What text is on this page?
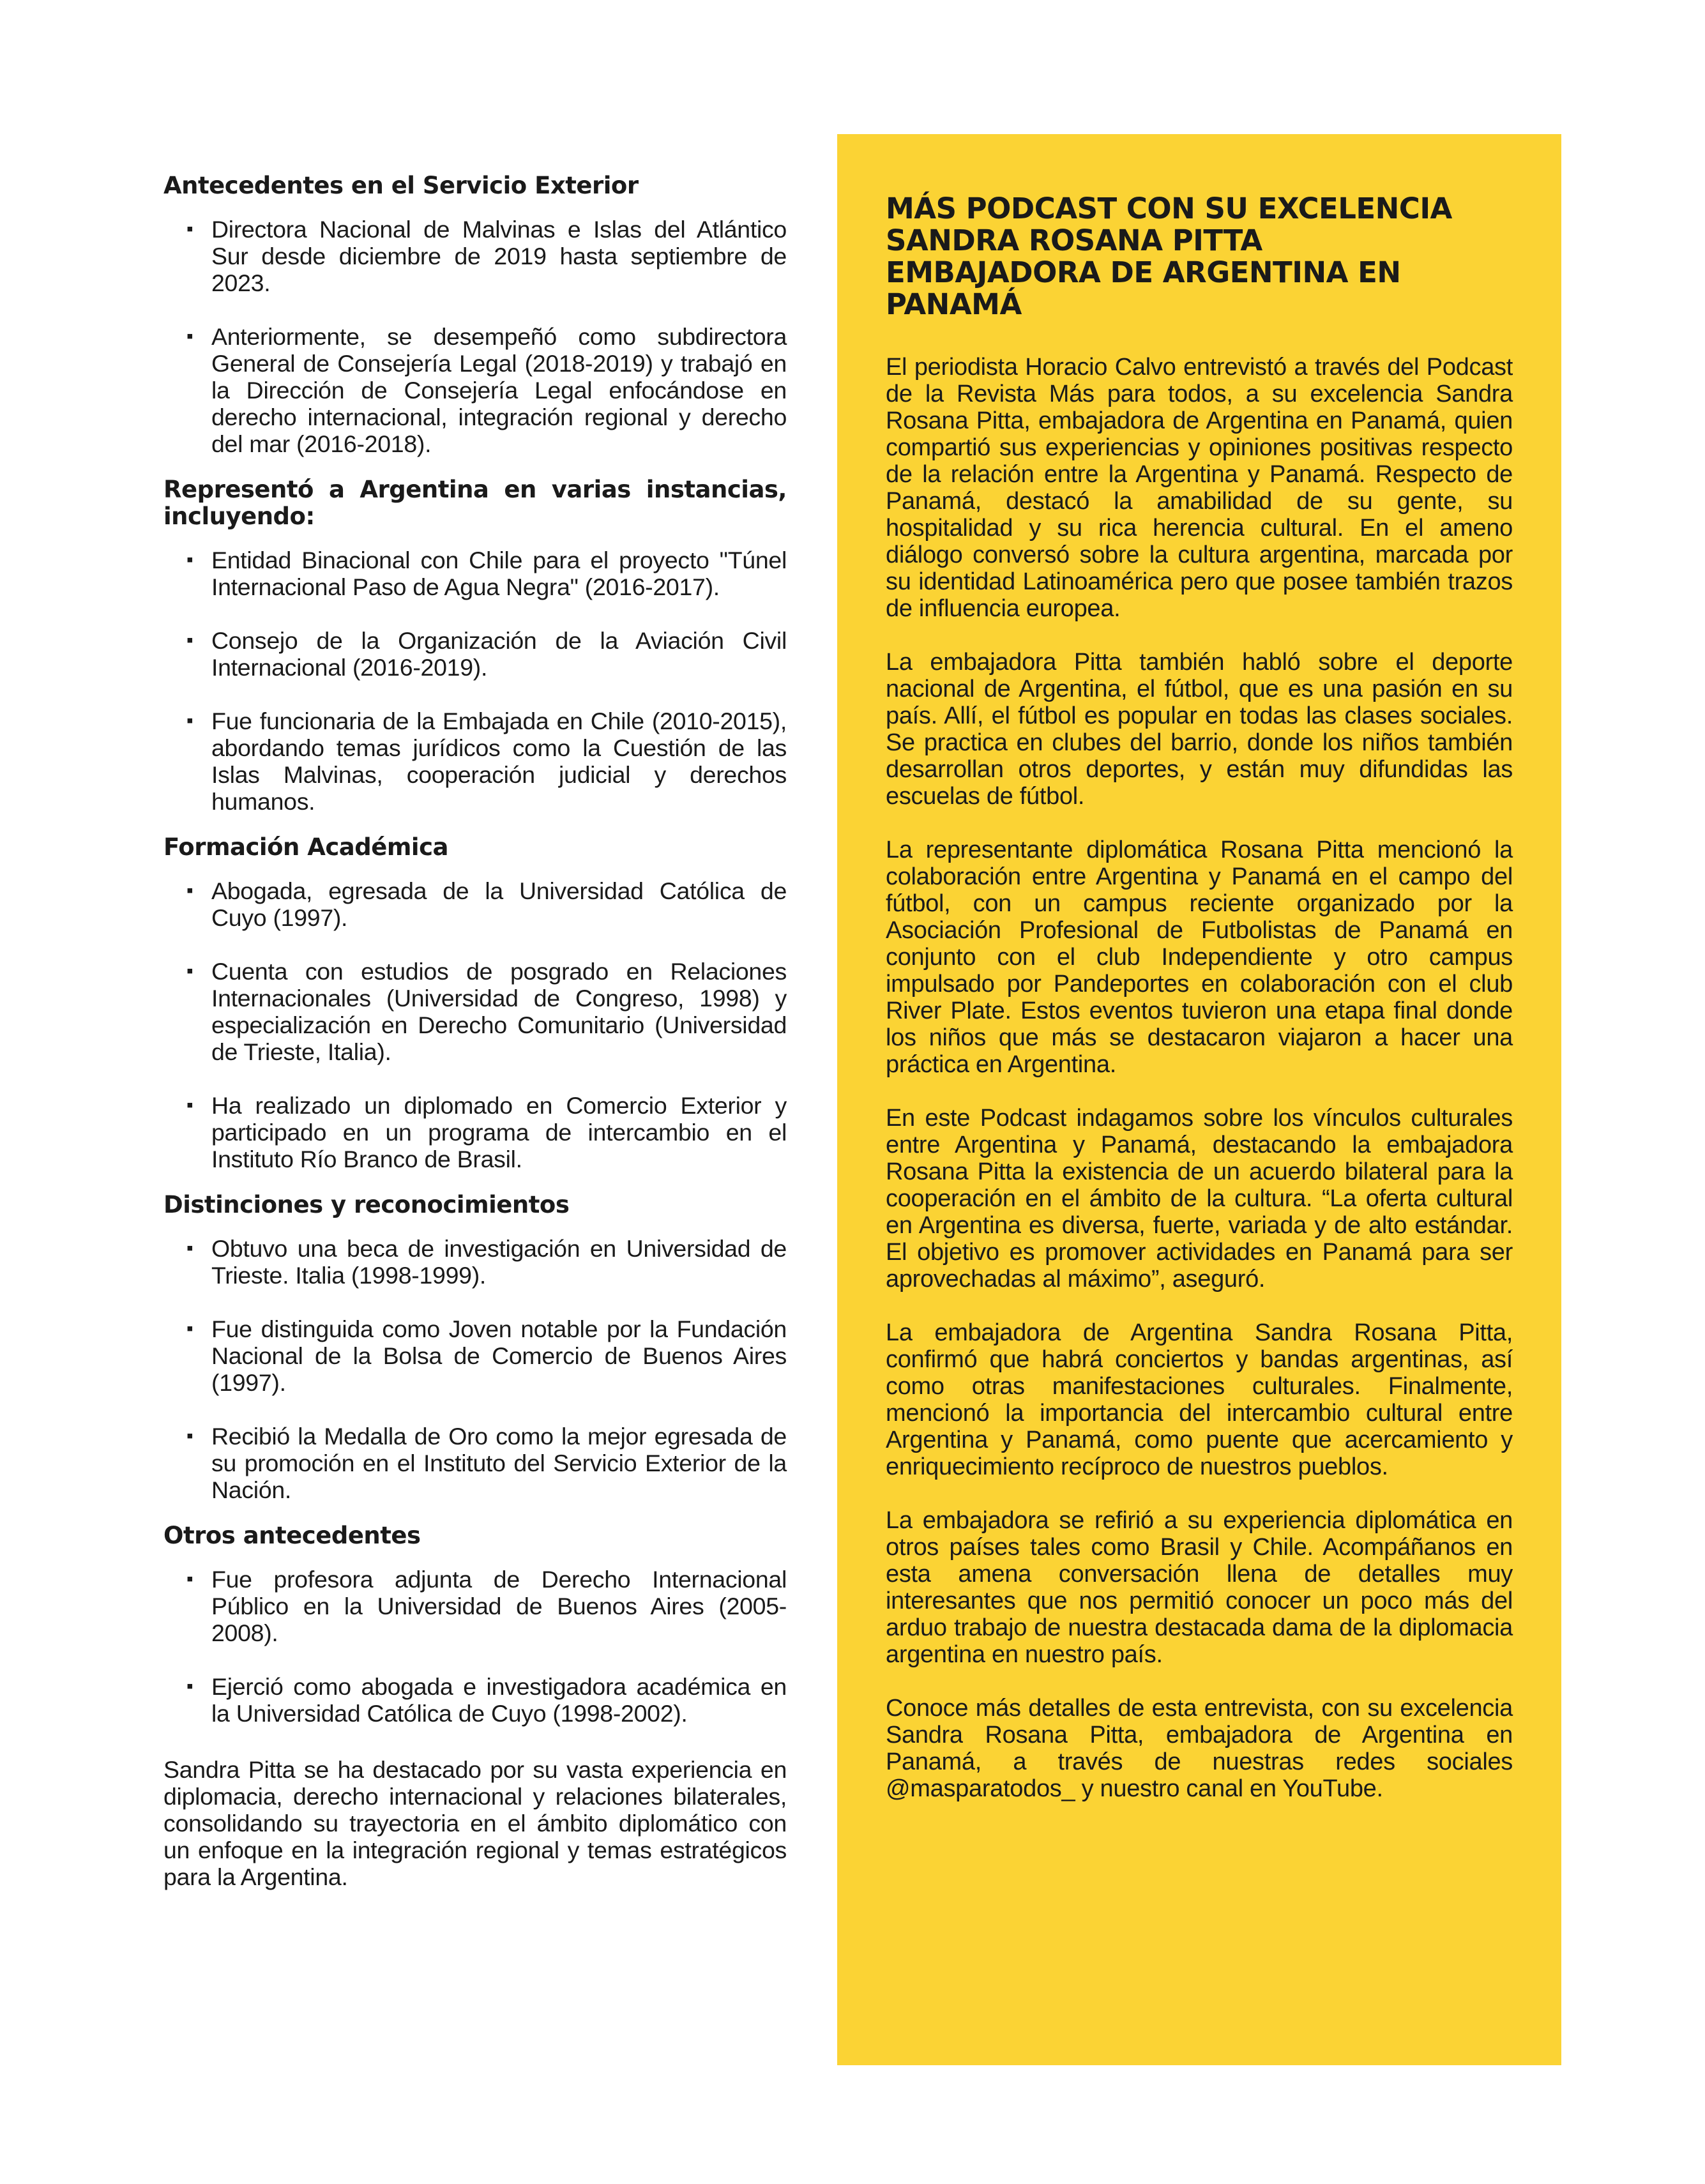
Antecedentes en el Servicio Exterior
▪ Directora Nacional de Malvinas e Islas del Atlántico Sur desde diciembre de 2019 hasta septiembre de 2023.
▪ Anteriormente, se desempeñó como subdirectora General de Consejería Legal (2018-2019) y trabajó en la Dirección de Consejería Legal enfocándose en derecho internacional, integración regional y derecho del mar (2016-2018).
Representó a Argentina en varias instancias, incluyendo:
▪ Entidad Binacional con Chile para el proyecto "Túnel Internacional Paso de Agua Negra" (2016-2017).
▪ Consejo de la Organización de la Aviación Civil Internacional (2016-2019).
▪ Fue funcionaria de la Embajada en Chile (2010-2015), abordando temas jurídicos como la Cuestión de las Islas Malvinas, cooperación judicial y derechos humanos.
Formación Académica
▪ Abogada, egresada de la Universidad Católica de Cuyo (1997).
▪ Cuenta con estudios de posgrado en Relaciones Internacionales (Universidad de Congreso, 1998) y especialización en Derecho Comunitario (Universidad de Trieste, Italia).
▪ Ha realizado un diplomado en Comercio Exterior y participado en un programa de intercambio en el Instituto Río Branco de Brasil.
Distinciones y reconocimientos
▪ Obtuvo una beca de investigación en Universidad de Trieste. Italia (1998-1999).
▪ Fue distinguida como Joven notable por la Fundación Nacional de la Bolsa de Comercio de Buenos Aires (1997).
▪ Recibió la Medalla de Oro como la mejor egresada de su promoción en el Instituto del Servicio Exterior de la Nación.
Otros antecedentes
▪ Fue profesora adjunta de Derecho Internacional Público en la Universidad de Buenos Aires (2005-2008).
▪ Ejerció como abogada e investigadora académica en la Universidad Católica de Cuyo (1998-2002).

Sandra Pitta se ha destacado por su vasta experiencia en diplomacia, derecho internacional y relaciones bilaterales, consolidando su trayectoria en el ámbito diplomático con un enfoque en la integración regional y temas estratégicos para la Argentina.

MÁS PODCAST CON SU EXCELENCIA
SANDRA ROSANA PITTA
EMBAJADORA DE ARGENTINA EN
PANAMÁ

El periodista Horacio Calvo entrevistó a través del Podcast de la Revista Más para todos, a su excelencia Sandra Rosana Pitta, embajadora de Argentina en Panamá, quien compartió sus experiencias y opiniones positivas respecto de la relación entre la Argentina y Panamá. Respecto de Panamá, destacó la amabilidad de su gente, su hospitalidad y su rica herencia cultural. En el ameno diálogo conversó sobre la cultura argentina, marcada por su identidad Latinoamérica pero que posee también trazos de influencia europea.

La embajadora Pitta también habló sobre el deporte nacional de Argentina, el fútbol, que es una pasión en su país. Allí, el fútbol es popular en todas las clases sociales. Se practica en clubes del barrio, donde los niños también desarrollan otros deportes, y están muy difundidas las escuelas de fútbol.

La representante diplomática Rosana Pitta mencionó la colaboración entre Argentina y Panamá en el campo del fútbol, con un campus reciente organizado por la Asociación Profesional de Futbolistas de Panamá en conjunto con el club Independiente y otro campus impulsado por Pandeportes en colaboración con el club River Plate. Estos eventos tuvieron una etapa final donde los niños que más se destacaron viajaron a hacer una práctica en Argentina.

En este Podcast indagamos sobre los vínculos culturales entre Argentina y Panamá, destacando la embajadora Rosana Pitta la existencia de un acuerdo bilateral para la cooperación en el ámbito de la cultura. “La oferta cultural en Argentina es diversa, fuerte, variada y de alto estándar. El objetivo es promover actividades en Panamá para ser aprovechadas al máximo”, aseguró.

La embajadora de Argentina Sandra Rosana Pitta, confirmó que habrá conciertos y bandas argentinas, así como otras manifestaciones culturales. Finalmente, mencionó la importancia del intercambio cultural entre Argentina y Panamá, como puente que acercamiento y enriquecimiento recíproco de nuestros pueblos.

La embajadora se refirió a su experiencia diplomática en otros países tales como Brasil y Chile. Acompáñanos en esta amena conversación llena de detalles muy interesantes que nos permitió conocer un poco más del arduo trabajo de nuestra destacada dama de la diplomacia argentina en nuestro país.

Conoce más detalles de esta entrevista, con su excelencia Sandra Rosana Pitta, embajadora de Argentina en Panamá, a través de nuestras redes sociales @masparatodos_ y nuestro canal en YouTube.
